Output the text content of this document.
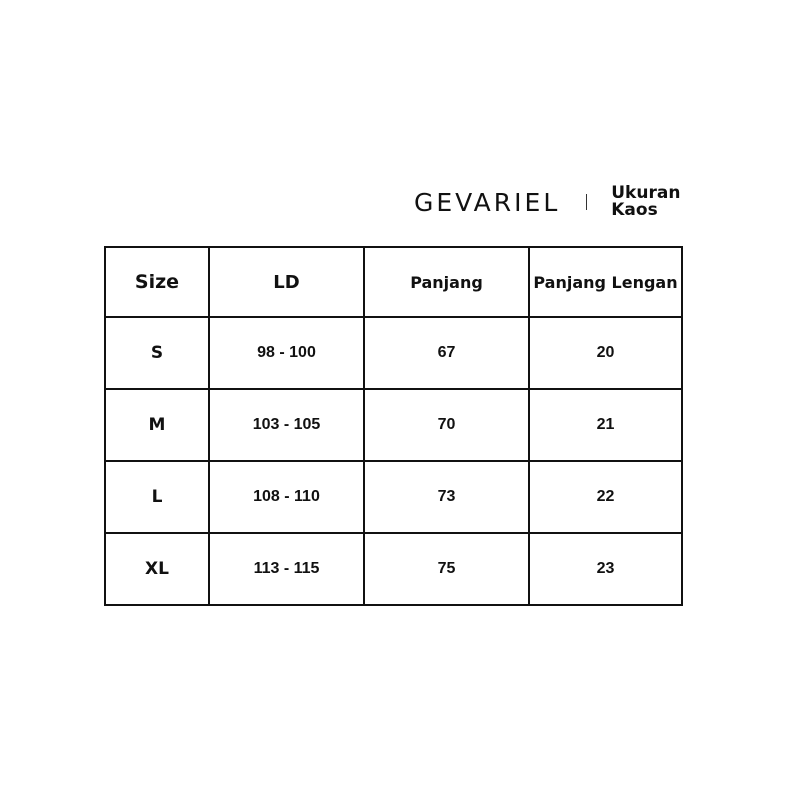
GEVARIEL	Ukuran
Kaos
Size	LD	Panjang	Panjang Lengan
S	98 - 100	67	20
M	103 - 105	70	21
L	108 - 110	73	22
XL	113 - 115	75	23
